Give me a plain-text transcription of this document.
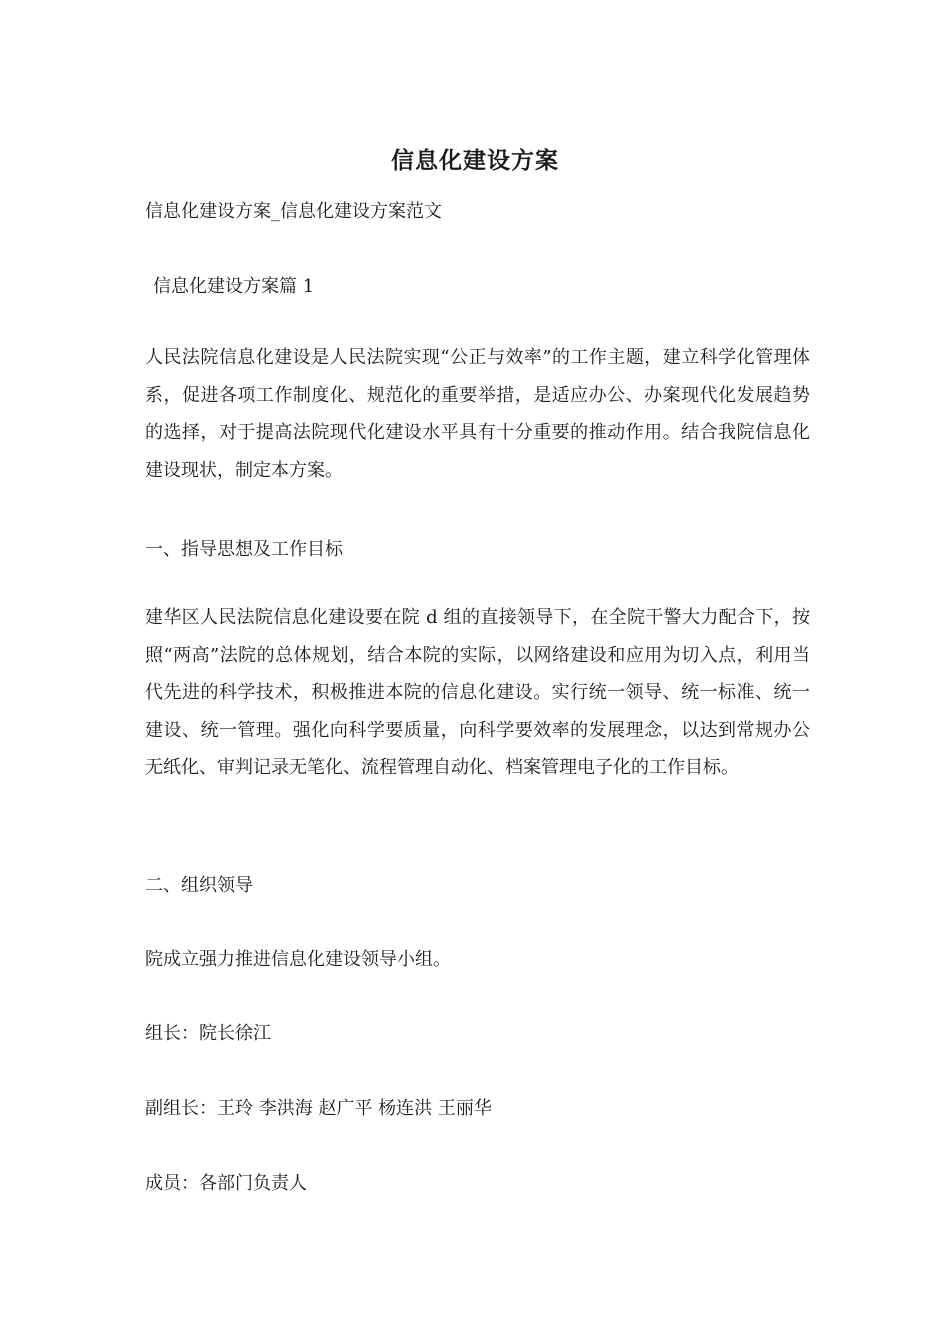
信息化建设方案
信息化建设方案_信息化建设方案范文
信息化建设方案篇 1
人民法院信息化建设是人民法院实现“公正与效率”的工作主题，建立科学化管理体系，促进各项工作制度化、规范化的重要举措，是适应办公、办案现代化发展趋势的选择，对于提高法院现代化建设水平具有十分重要的推动作用。结合我院信息化建设现状，制定本方案。
一、指导思想及工作目标
建华区人民法院信息化建设要在院 d 组的直接领导下，在全院干警大力配合下，按照“两高”法院的总体规划，结合本院的实际，以网络建设和应用为切入点，利用当代先进的科学技术，积极推进本院的信息化建设。实行统一领导、统一标准、统一建设、统一管理。强化向科学要质量，向科学要效率的发展理念，以达到常规办公无纸化、审判记录无笔化、流程管理自动化、档案管理电子化的工作目标。
二、组织领导
院成立强力推进信息化建设领导小组。
组长：院长徐江
副组长：王玲 李洪海 赵广平 杨连洪 王丽华
成员：各部门负责人
